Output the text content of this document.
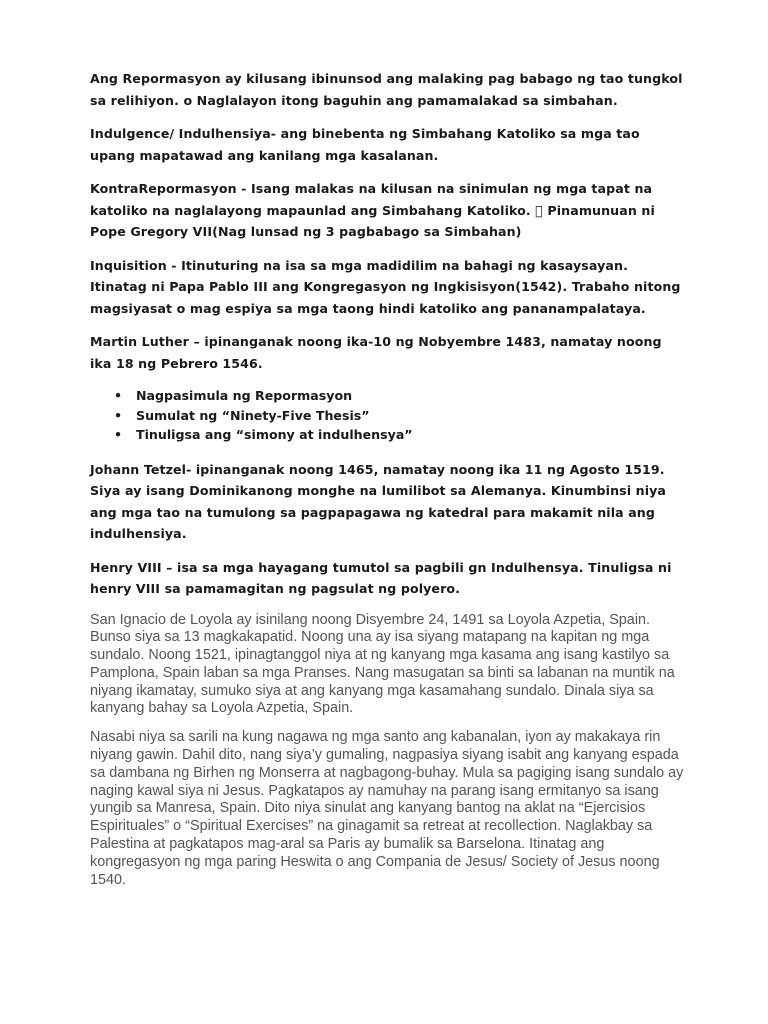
Ang Repormasyon ay kilusang ibinunsod ang malaking pag babago ng tao tungkol sa relihiyon. o Naglalayon itong baguhin ang pamamalakad sa simbahan.

Indulgence/ Indulhensiya- ang binebenta ng Simbahang Katoliko sa mga tao upang mapatawad ang kanilang mga kasalanan.

KontraRepormasyon - Isang malakas na kilusan na sinimulan ng mga tapat na katoliko na naglalayong mapaunlad ang Simbahang Katoliko. Pinamunuan ni Pope Gregory VII(Nag lunsad ng 3 pagbabago sa Simbahan)

Inquisition - Itinuturing na isa sa mga madidilim na bahagi ng kasaysayan. Itinatag ni Papa Pablo III ang Kongregasyon ng Ingkisisyon(1542). Trabaho nitong magsiyasat o mag espiya sa mga taong hindi katoliko ang pananampalataya.

Martin Luther – ipinanganak noong ika-10 ng Nobyembre 1483, namatay noong ika 18 ng Pebrero 1546.

• Nagpasimula ng Repormasyon
• Sumulat ng “Ninety-Five Thesis”
• Tinuligsa ang “simony at indulhensya”

Johann Tetzel- ipinanganak noong 1465, namatay noong ika 11 ng Agosto 1519. Siya ay isang Dominikanong monghe na lumilibot sa Alemanya. Kinumbinsi niya ang mga tao na tumulong sa pagpapagawa ng katedral para makamit nila ang indulhensiya.

Henry VIII – isa sa mga hayagang tumutol sa pagbili gn Indulhensya. Tinuligsa ni henry VIII sa pamamagitan ng pagsulat ng polyero.

San Ignacio de Loyola ay isinilang noong Disyembre 24, 1491 sa Loyola Azpetia, Spain. Bunso siya sa 13 magkakapatid. Noong una ay isa siyang matapang na kapitan ng mga sundalo. Noong 1521, ipinagtanggol niya at ng kanyang mga kasama ang isang kastilyo sa Pamplona, Spain laban sa mga Pranses. Nang masugatan sa binti sa labanan na muntik na niyang ikamatay, sumuko siya at ang kanyang mga kasamahang sundalo. Dinala siya sa kanyang bahay sa Loyola Azpetia, Spain.

Nasabi niya sa sarili na kung nagawa ng mga santo ang kabanalan, iyon ay makakaya rin niyang gawin. Dahil dito, nang siya’y gumaling, nagpasiya siyang isabit ang kanyang espada sa dambana ng Birhen ng Monserra at nagbagong-buhay. Mula sa pagiging isang sundalo ay naging kawal siya ni Jesus. Pagkatapos ay namuhay na parang isang ermitanyo sa isang yungib sa Manresa, Spain. Dito niya sinulat ang kanyang bantog na aklat na “Ejercisios Espirituales” o “Spiritual Exercises” na ginagamit sa retreat at recollection. Naglakbay sa Palestina at pagkatapos mag-aral sa Paris ay bumalik sa Barselona. Itinatag ang kongregasyon ng mga paring Heswita o ang Compania de Jesus/ Society of Jesus noong 1540.
